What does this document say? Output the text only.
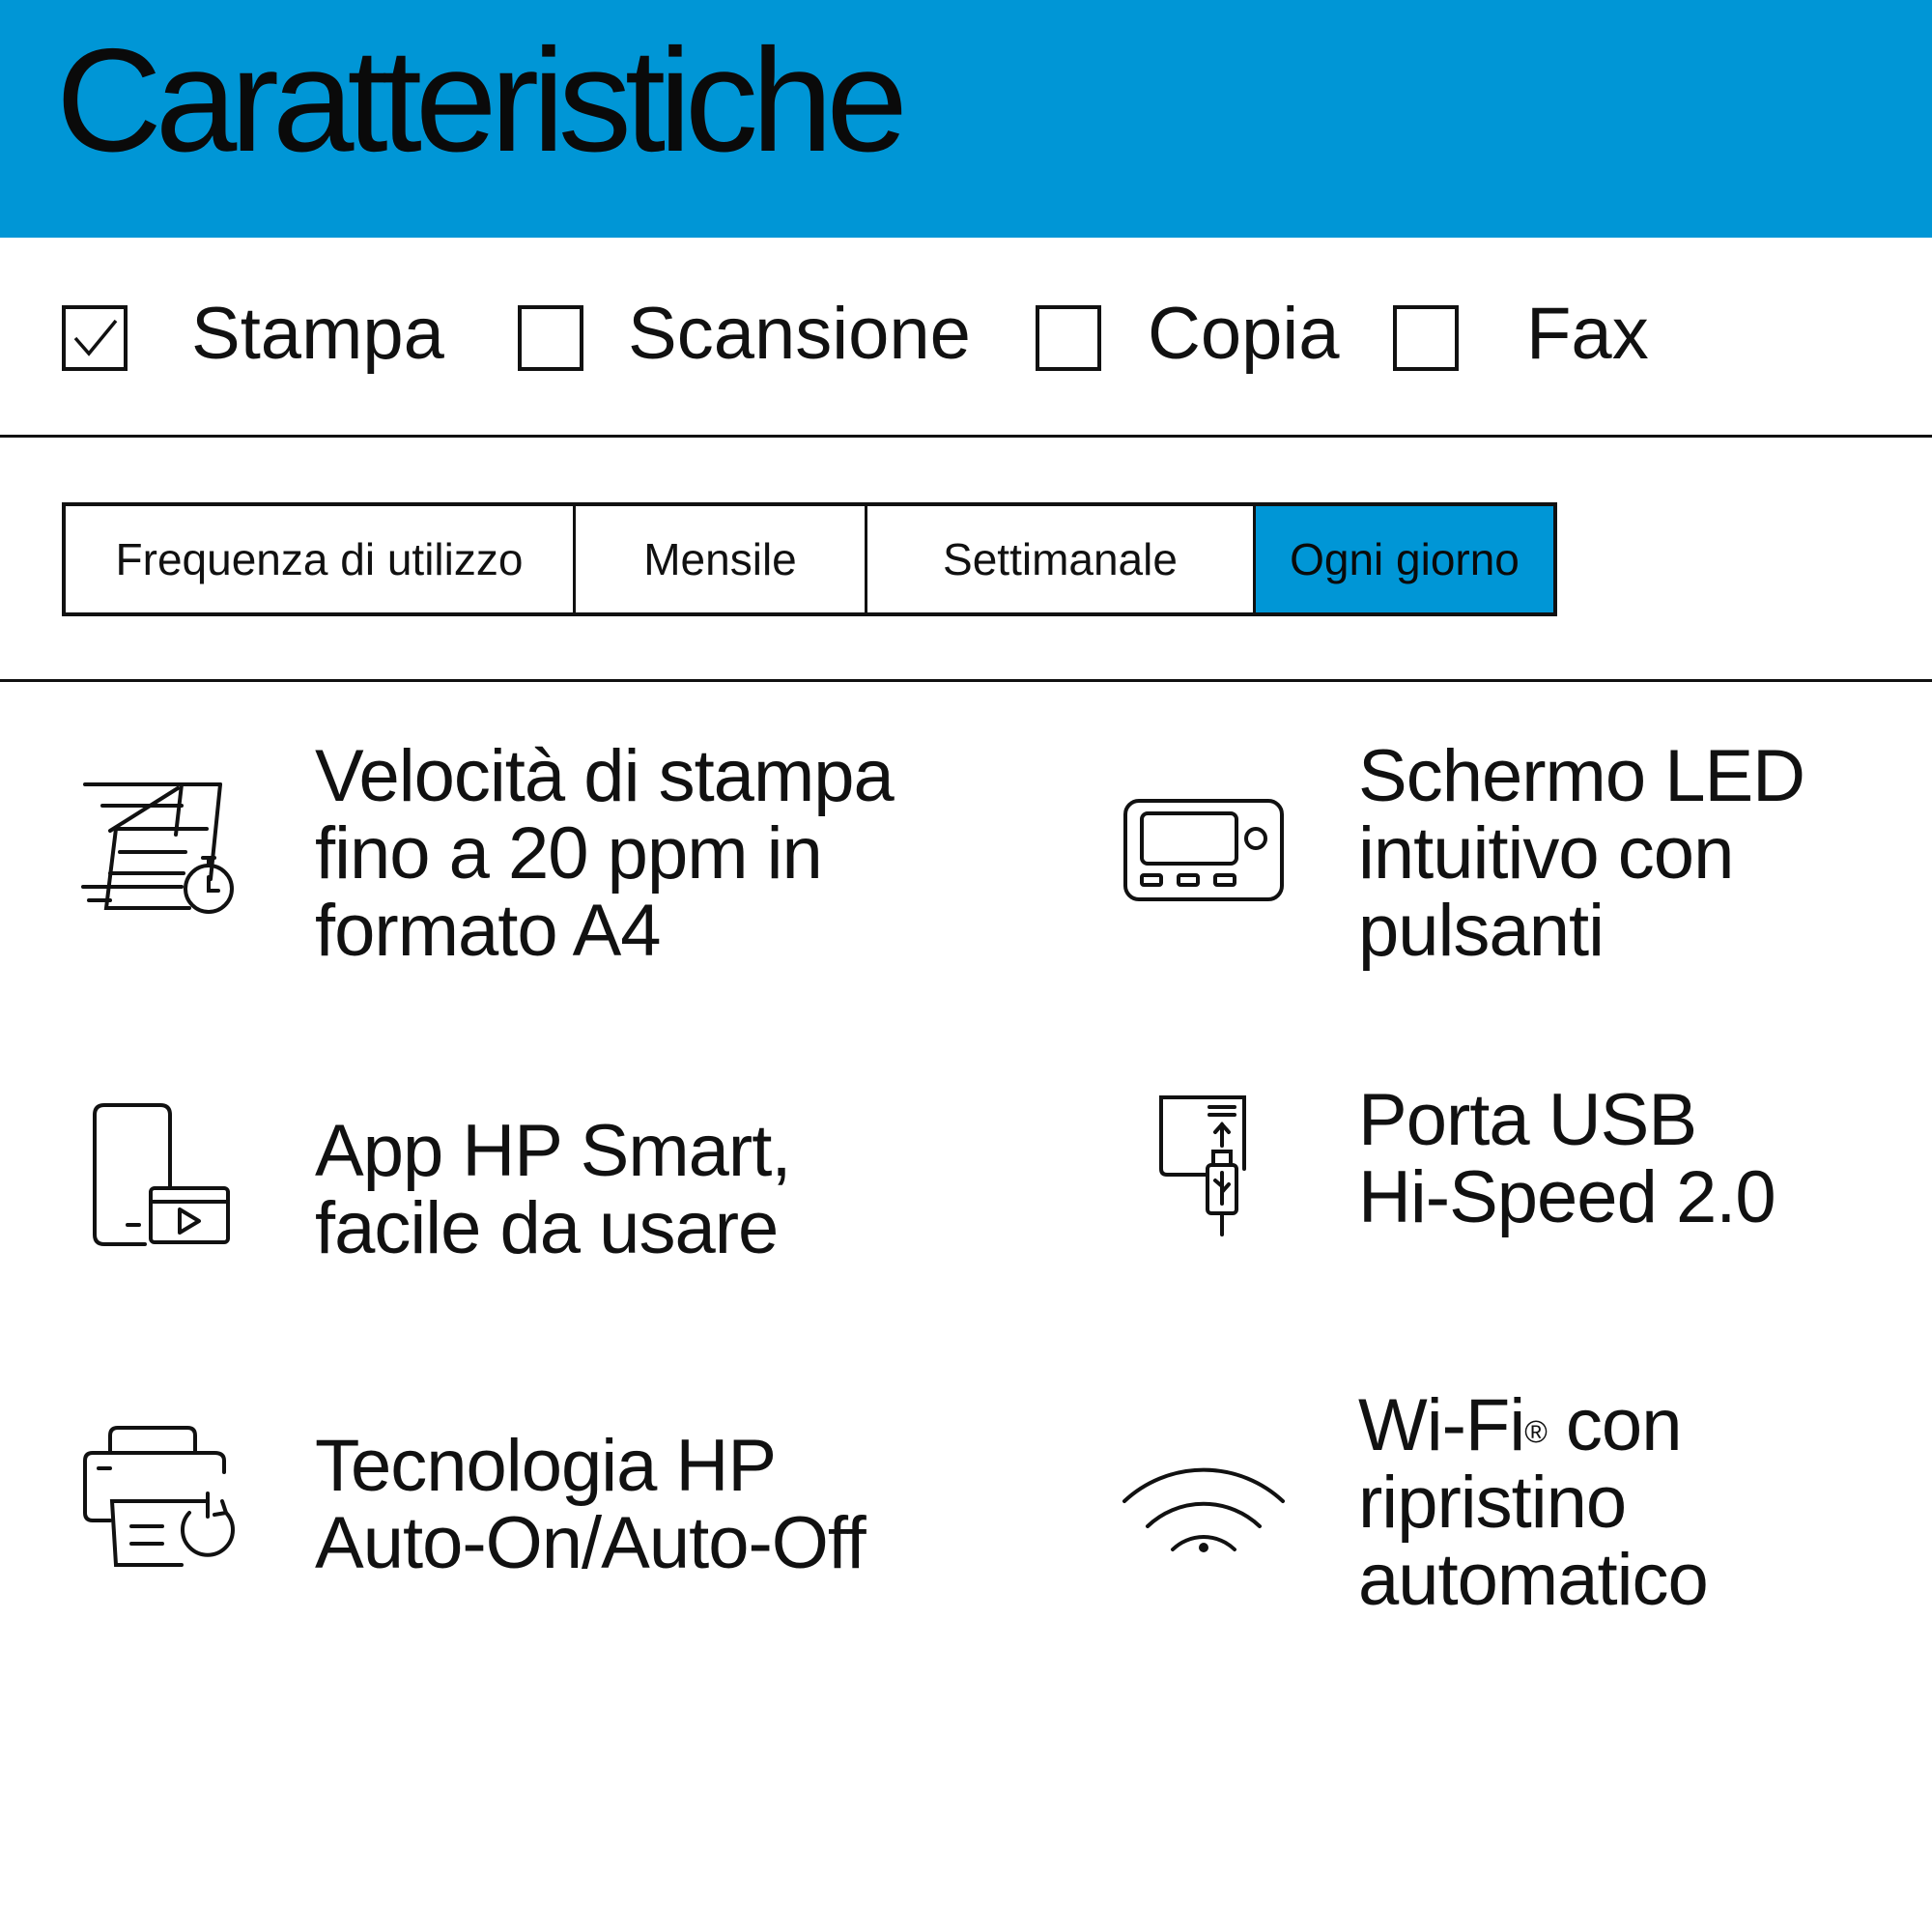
Caratteristiche
Stampa	Scansione Copia	Fax
Frequenza di utilizzo	Mensile	Settimanale	Ogni giorno
Velocità di stampa
fino a 20 ppm in
formato A4
Schermo LED
intuitivo con
pulsanti
App HP Smart,
facile da usare
Porta USB
Hi-Speed 2.0
Tecnologia HP
Auto-On/Auto-Off
Wi-Fi® con
ripristino
automatico
